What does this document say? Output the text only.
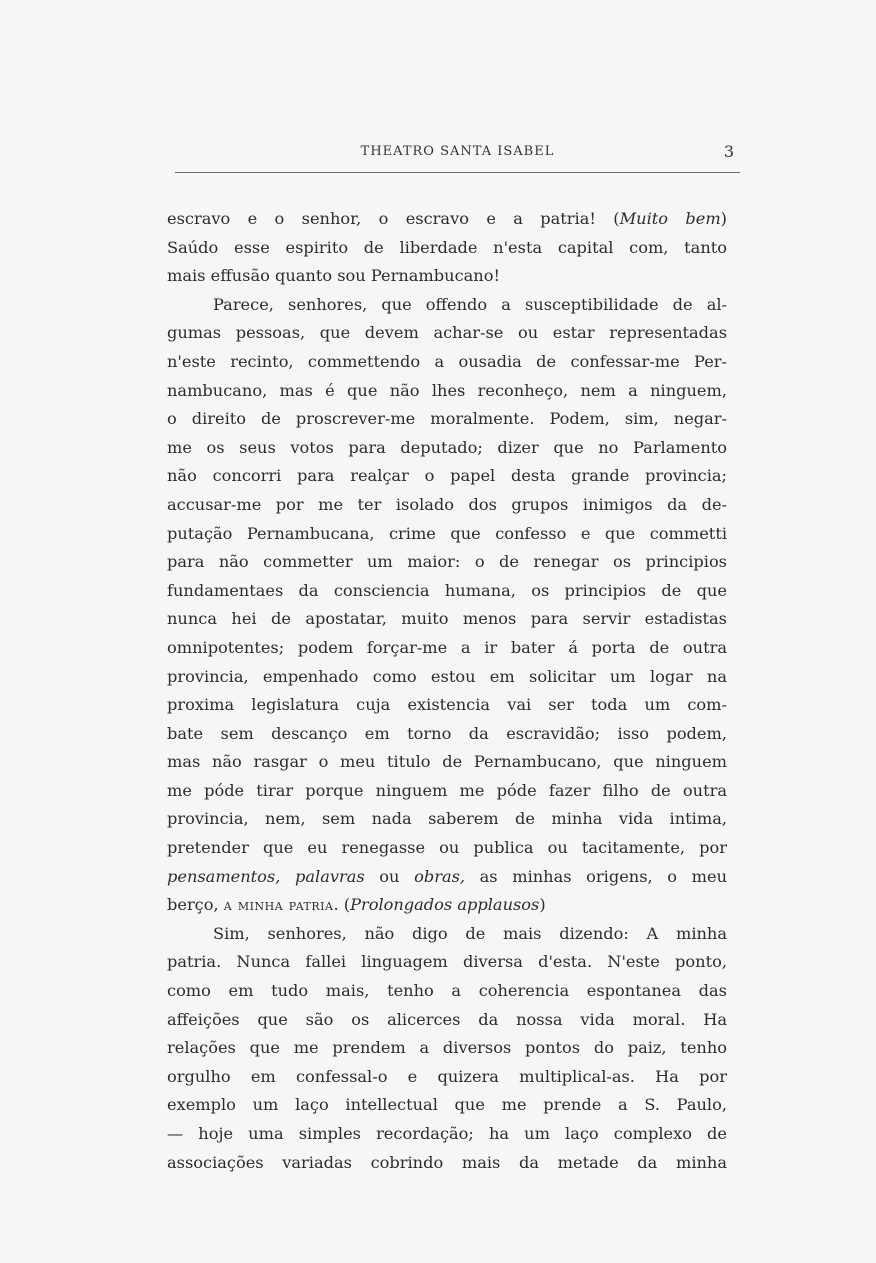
THEATRO SANTA ISABEL	3
escravo e o senhor, o escravo e a patria! (Muito bem)
Saúdo esse espirito de liberdade n'esta capital com, tanto
mais effusão quanto sou Pernambucano!
Parece, senhores, que offendo a susceptibilidade de al-
gumas pessoas, que devem achar-se ou estar representadas
n'este recinto, commettendo a ousadia de confessar-me Per-
nambucano, mas é que não lhes reconheço, nem a ninguem,
o direito de proscrever-me moralmente. Podem, sim, negar-
me os seus votos para deputado; dizer que no Parlamento
não concorri para realçar o papel desta grande provincia;
accusar-me por me ter isolado dos grupos inimigos da de-
putação Pernambucana, crime que confesso e que commetti
para não commetter um maior: o de renegar os principios
fundamentaes da consciencia humana, os principios de que
nunca hei de apostatar, muito menos para servir estadistas
omnipotentes; podem forçar-me a ir bater á porta de outra
provincia, empenhado como estou em solicitar um logar na
proxima legislatura cuja existencia vai ser toda um com-
bate sem descanço em torno da escravidão; isso podem,
mas não rasgar o meu titulo de Pernambucano, que ninguem
me póde tirar porque ninguem me póde fazer filho de outra
provincia, nem, sem nada saberem de minha vida intima,
pretender que eu renegasse ou publica ou tacitamente, por
pensamentos, palavras ou obras, as minhas origens, o meu
berço, a minha patria. (Prolongados applausos)
Sim, senhores, não digo de mais dizendo: A minha
patria. Nunca fallei linguagem diversa d'esta. N'este ponto,
como em tudo mais, tenho a coherencia espontanea das
affeições que são os alicerces da nossa vida moral. Ha
relações que me prendem a diversos pontos do paiz, tenho
orgulho em confessal-o e quizera multiplical-as. Ha por
exemplo um laço intellectual que me prende a S. Paulo,
— hoje uma simples recordação; ha um laço complexo de
associações variadas cobrindo mais da metade da minha
